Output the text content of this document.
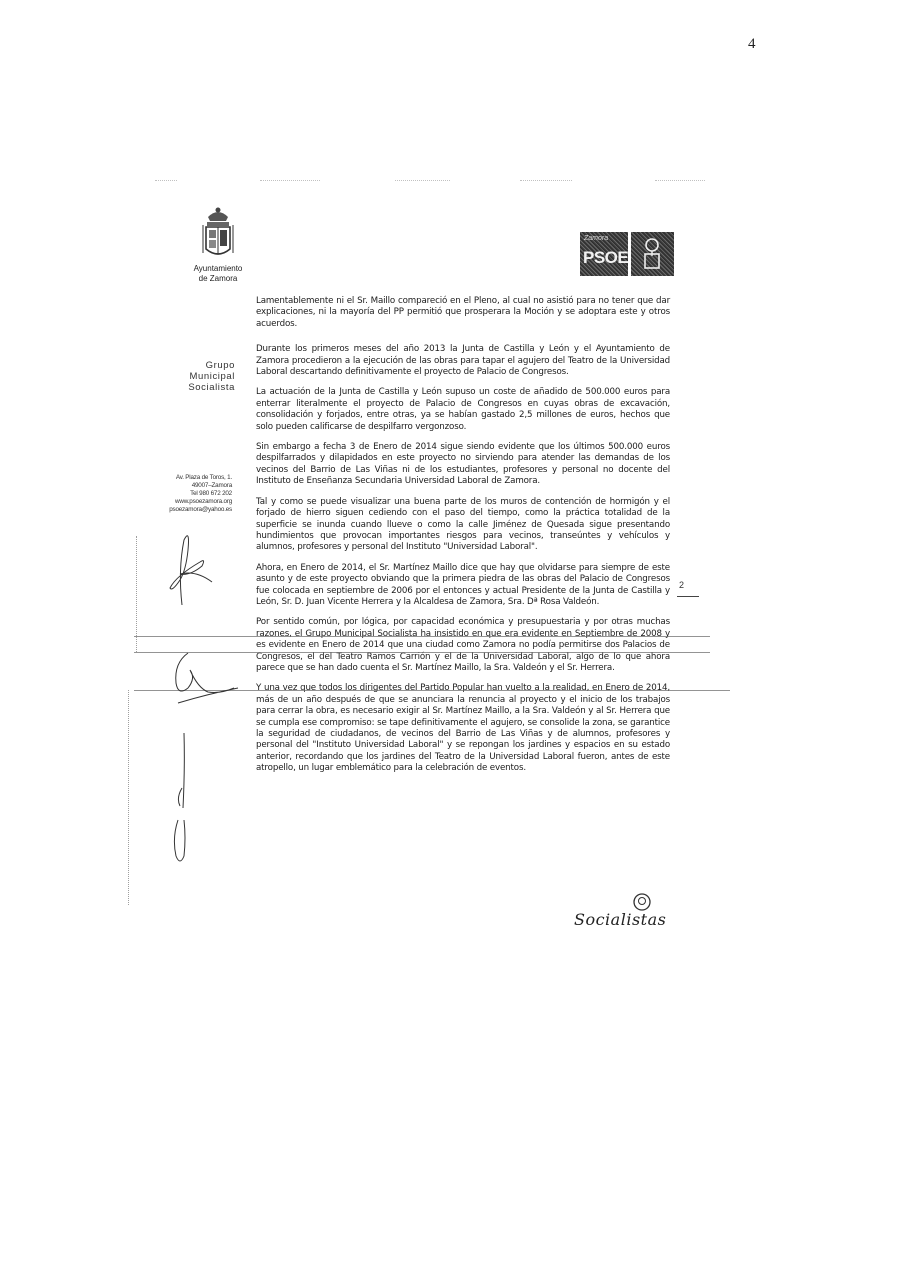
4
Ayuntamiento
de Zamora
Zamora
PSOE
Grupo
Municipal
Socialista
Av. Plaza de Toros, 1.
49007–Zamora
Tel 980 672 202
www.psoezamora.org
psoezamora@yahoo.es

Lamentablemente ni el Sr. Maillo compareció en el Pleno, al cual no asistió para no tener que dar explicaciones, ni la mayoría del PP permitió que prosperara la Moción y se adoptara este y otros acuerdos.

Durante los primeros meses del año 2013 la Junta de Castilla y León y el Ayuntamiento de Zamora procedieron a la ejecución de las obras para tapar el agujero del Teatro de la Universidad Laboral descartando definitivamente el proyecto de Palacio de Congresos.

La actuación de la Junta de Castilla y León supuso un coste de añadido de 500.000 euros para enterrar literalmente el proyecto de Palacio de Congresos en cuyas obras de excavación, consolidación y forjados, entre otras, ya se habían gastado 2,5 millones de euros, hechos que solo pueden calificarse de despilfarro vergonzoso.

Sin embargo a fecha 3 de Enero de 2014 sigue siendo evidente que los últimos 500.000 euros despilfarrados y dilapidados en este proyecto no sirviendo para atender las demandas de los vecinos del Barrio de Las Viñas ni de los estudiantes, profesores y personal no docente del Instituto de Enseñanza Secundaria Universidad Laboral de Zamora.

Tal y como se puede visualizar una buena parte de los muros de contención de hormigón y el forjado de hierro siguen cediendo con el paso del tiempo, como la práctica totalidad de la superficie se inunda cuando llueve o como la calle Jiménez de Quesada sigue presentando hundimientos que provocan importantes riesgos para vecinos, transeúntes y vehículos y alumnos, profesores y personal del Instituto "Universidad Laboral".

Ahora, en Enero de 2014, el Sr. Martínez Maillo dice que hay que olvidarse para siempre de este asunto y de este proyecto obviando que la primera piedra de las obras del Palacio de Congresos fue colocada en septiembre de 2006 por el entonces y actual Presidente de la Junta de Castilla y León, Sr. D. Juan Vicente Herrera y la Alcaldesa de Zamora, Sra. Dª Rosa Valdeón.

Por sentido común, por lógica, por capacidad económica y presupuestaria y por otras muchas razones, el Grupo Municipal Socialista ha insistido en que era evidente en Septiembre de 2008 y es evidente en Enero de 2014 que una ciudad como Zamora no podía permitirse dos Palacios de Congresos, el del Teatro Ramos Carrión y el de la Universidad Laboral, algo de lo que ahora parece que se han dado cuenta el Sr. Martínez Maillo, la Sra. Valdeón y el Sr. Herrera.

Y una vez que todos los dirigentes del Partido Popular han vuelto a la realidad, en Enero de 2014, más de un año después de que se anunciara la renuncia al proyecto y el inicio de los trabajos para cerrar la obra, es necesario exigir al Sr. Martínez Maillo, a la Sra. Valdeón y al Sr. Herrera que se cumpla ese compromiso: se tape definitivamente el agujero, se consolide la zona, se garantice la seguridad de ciudadanos, de vecinos del Barrio de Las Viñas y de alumnos, profesores y personal del "Instituto Universidad Laboral" y se repongan los jardines y espacios en su estado anterior, recordando que los jardines del Teatro de la Universidad Laboral fueron, antes de este atropello, un lugar emblemático para la celebración de eventos.

2
Socialistas
